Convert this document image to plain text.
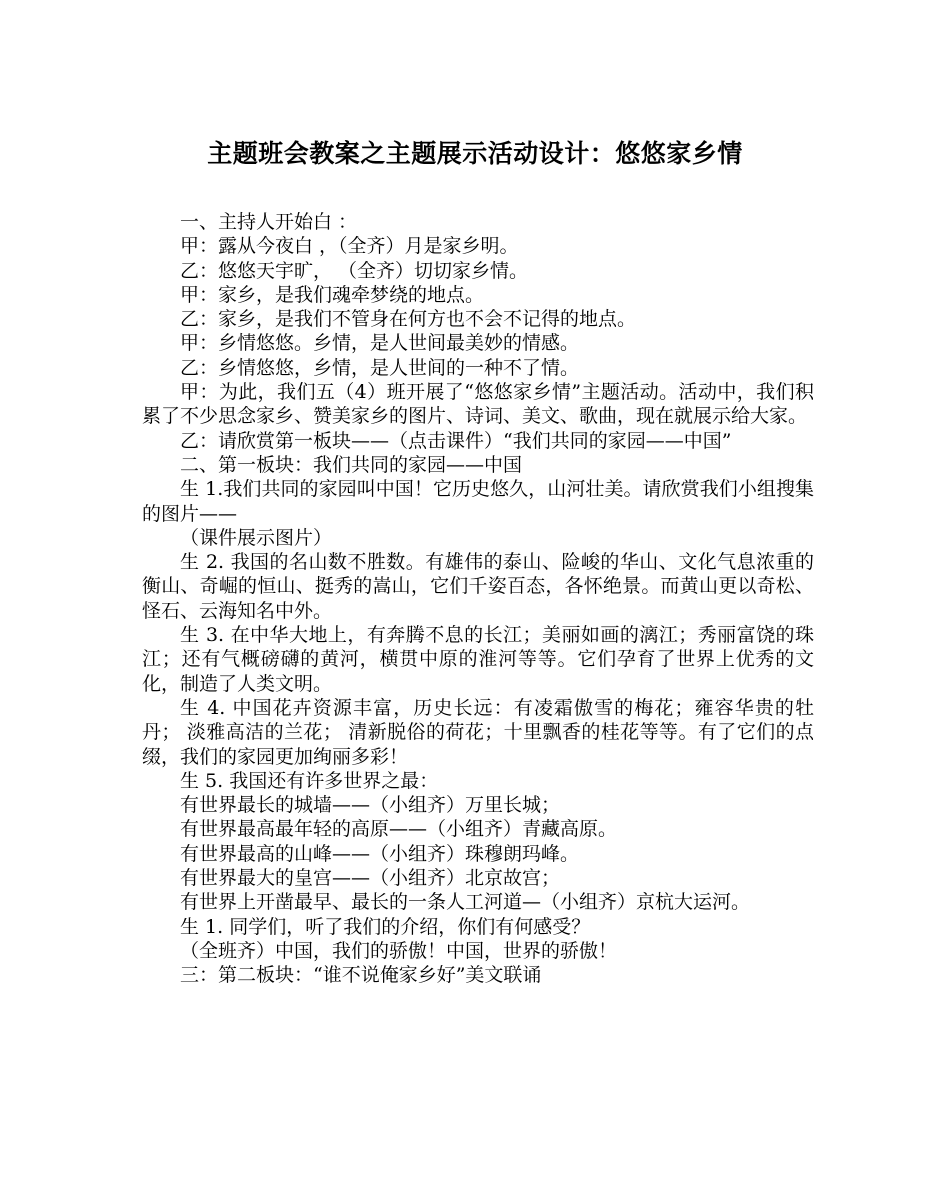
主题班会教案之主题展示活动设计：悠悠家乡情

一、主持人开始白 ：

甲：露从今夜白 ，（全齐）月是家乡明。

乙：悠悠天宇旷， （全齐）切切家乡情。

甲：家乡，是我们魂牵梦绕的地点。

乙：家乡，是我们不管身在何方也不会不记得的地点。

甲：乡情悠悠。乡情，是人世间最美妙的情感。

乙：乡情悠悠，乡情，是人世间的一种不了情。

甲：为此，我们五（4）班开展了“悠悠家乡情”主题活动。活动中，我们积累了不少思念家乡、赞美家乡的图片、诗词、美文、歌曲，现在就展示给大家。

乙：请欣赏第一板块——（点击课件）“我们共同的家园——中国”

二、第一板块：我们共同的家园——中国

生 1.我们共同的家园叫中国！它历史悠久，山河壮美。请欣赏我们小组搜集的图片——

（课件展示图片）

生 2. 我国的名山数不胜数。有雄伟的泰山、险峻的华山、文化气息浓重的衡山、奇崛的恒山、挺秀的嵩山，它们千姿百态，各怀绝景。而黄山更以奇松、怪石、云海知名中外。

生 3. 在中华大地上，有奔腾不息的长江；美丽如画的漓江；秀丽富饶的珠江；还有气概磅礴的黄河，横贯中原的淮河等等。它们孕育了世界上优秀的文化，制造了人类文明。

生 4. 中国花卉资源丰富，历史长远：有凌霜傲雪的梅花；雍容华贵的牡丹； 淡雅高洁的兰花； 清新脱俗的荷花；十里飘香的桂花等等。有了它们的点缀，我们的家园更加绚丽多彩！

生 5. 我国还有许多世界之最：

有世界最长的城墙——（小组齐）万里长城；

有世界最高最年轻的高原——（小组齐）青藏高原。

有世界最高的山峰——（小组齐）珠穆朗玛峰。

有世界最大的皇宫——（小组齐）北京故宫；

有世界上开凿最早、最长的一条人工河道—（小组齐）京杭大运河。

生 1. 同学们，听了我们的介绍，你们有何感受？

（全班齐）中国，我们的骄傲！中国，世界的骄傲！

三：第二板块：“谁不说俺家乡好”美文联诵
